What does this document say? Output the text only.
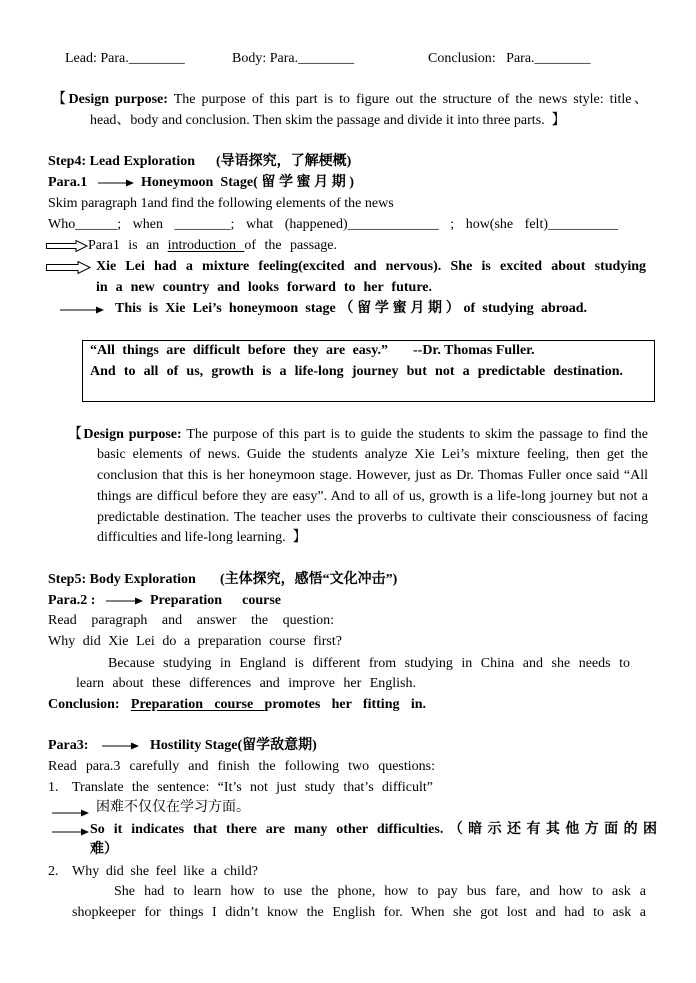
Lead: Para.________	Body: Para.________	Conclusion:   Para.________
【Design purpose: The purpose of this part is to figure out the structure of the news style: title、
head、body and conclusion. Then skim the passage and divide it into three parts.  】
Step4: Lead Exploration (导语探究，了解梗概)
Para.1	Honeymoon Stage(留学蜜月期)
Skim paragraph 1and find the following elements of the news
Who______; when ________; what (happened)_____________ ; how(she felt)__________
Para1 is an introduction of the passage.
Xie Lei had a mixture feeling(excited and nervous). She is excited about studying
in a new country and looks forward to her future.
This is Xie Lei’s honeymoon stage（留学蜜月期）of studying abroad.
“All things are difficult before they are easy.” --Dr. Thomas Fuller.
And to all of us, growth is a life-long journey but not a predictable destination.
【Design purpose: The purpose of this part is to guide the students to skim the passage to find the
basic elements of news. Guide the students analyze Xie Lei’s mixture feeling, then get the
conclusion that this is her honeymoon stage. However, just as Dr. Thomas Fuller once said “All
things are difficul before they are easy”. And to all of us, growth is a life-long journey but not a
predictable destination. The teacher uses the proverbs to cultivate their consciousness of facing
difficulties and life-long learning.  】
Step5: Body Exploration (主体探究，感悟“文化冲击”)
Para.2 :	Preparation course
Read paragraph and answer the question:
Why did Xie Lei do a preparation course first?
Because studying in England is different from studying in China and she needs to
learn about these differences and improve her English.
Conclusion: Preparation course promotes her fitting in.
Para3:	Hostility Stage(留学敌意期)
Read para.3 carefully and finish the following two questions:
1. Translate the sentence: “It’s not just study that’s difficult”
困难不仅仅在学习方面。
So it indicates that there are many other difficulties.（暗示还有其他方面的困
难）
2. Why did she feel like a child?
She had to learn how to use the phone, how to pay bus fare, and how to ask a
shopkeeper for things I didn’t know the English for. When she got lost and had to ask a
